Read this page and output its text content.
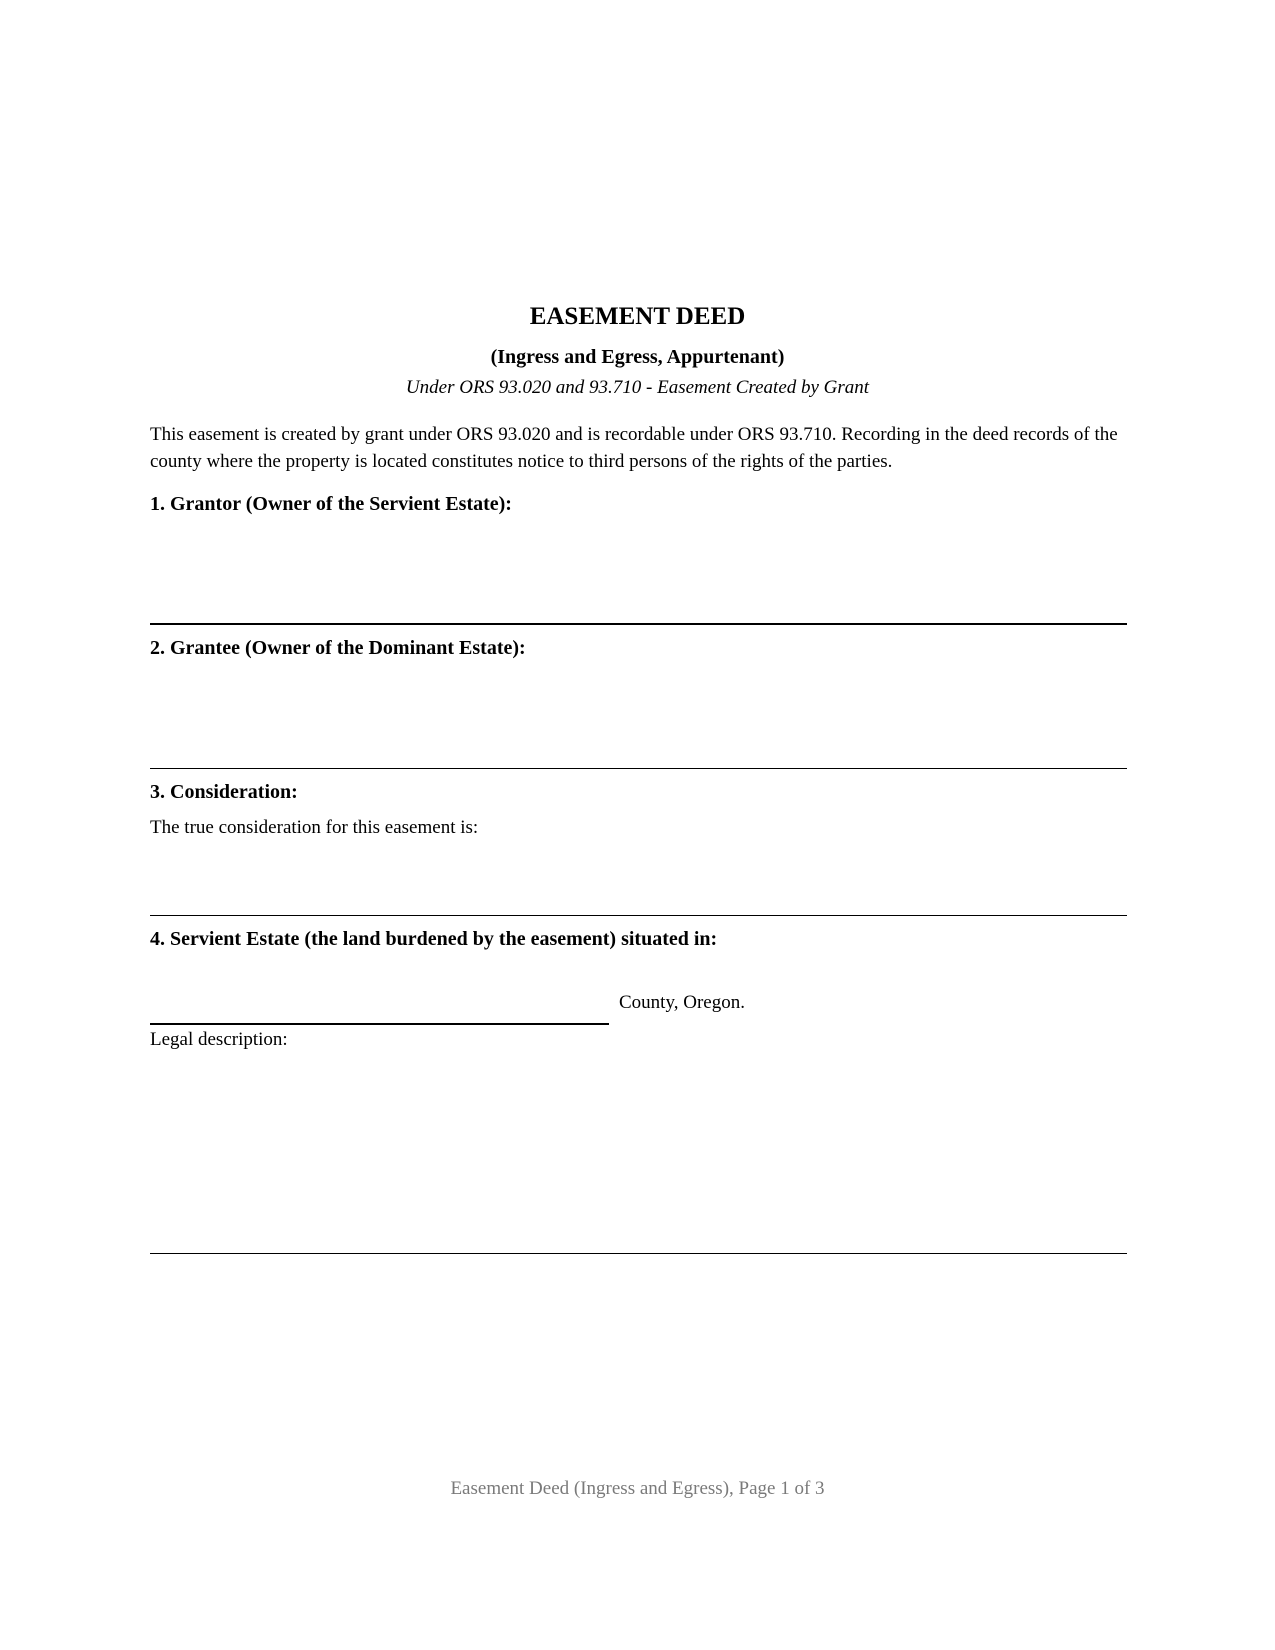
EASEMENT DEED
(Ingress and Egress, Appurtenant)
Under ORS 93.020 and 93.710 - Easement Created by Grant

This easement is created by grant under ORS 93.020 and is recordable under ORS 93.710. Recording in the deed records of the county where the property is located constitutes notice to third persons of the rights of the parties.

1. Grantor (Owner of the Servient Estate):
2. Grantee (Owner of the Dominant Estate):
3. Consideration:
The true consideration for this easement is:
4. Servient Estate (the land burdened by the easement) situated in:
County, Oregon.
Legal description:
Easement Deed (Ingress and Egress), Page 1 of 3
